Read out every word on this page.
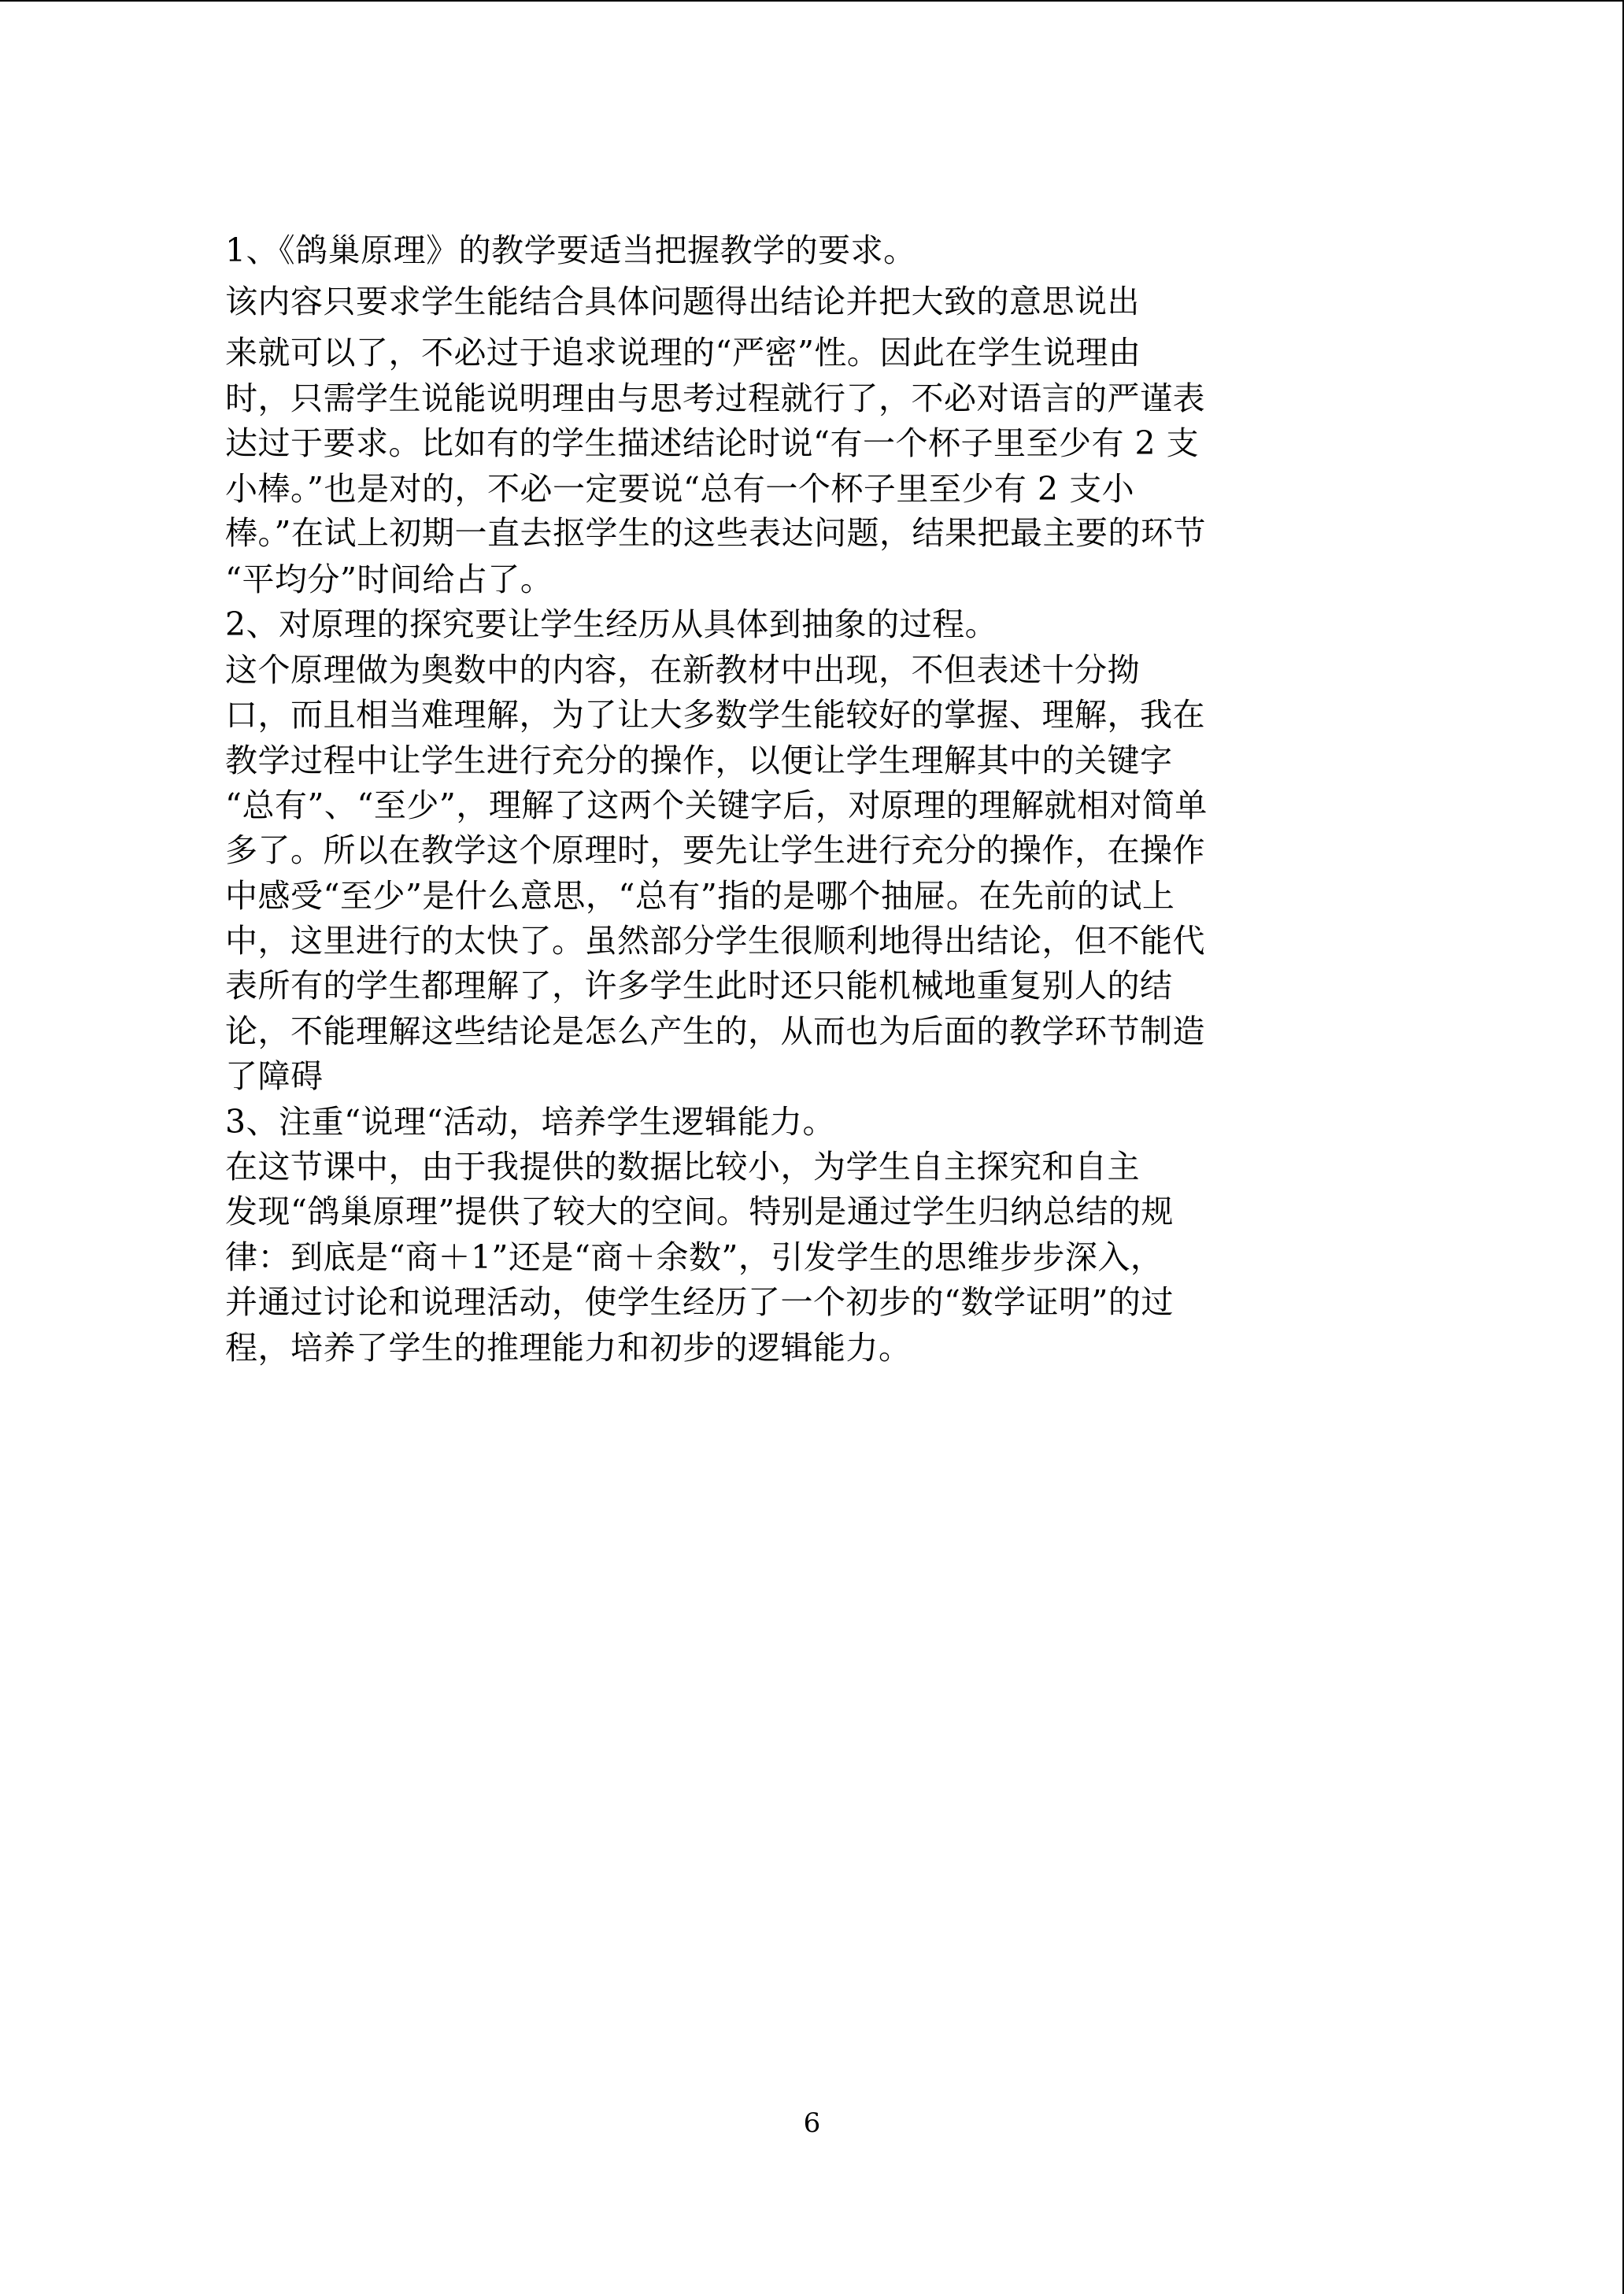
1、《鸽巢原理》的教学要适当把握教学的要求。
该内容只要求学生能结合具体问题得出结论并把大致的意思说出
来就可以了，不必过于追求说理的“严密”性。因此在学生说理由
时，只需学生说能说明理由与思考过程就行了，不必对语言的严谨表
达过于要求。比如有的学生描述结论时说“有一个杯子里至少有 2 支
小棒。”也是对的，不必一定要说“总有一个杯子里至少有 2 支小
棒。”在试上初期一直去抠学生的这些表达问题，结果把最主要的环节
“平均分”时间给占了。
2、对原理的探究要让学生经历从具体到抽象的过程。
这个原理做为奥数中的内容，在新教材中出现，不但表述十分拗
口，而且相当难理解，为了让大多数学生能较好的掌握、理解，我在
教学过程中让学生进行充分的操作，以便让学生理解其中的关键字
“总有”、“至少”，理解了这两个关键字后，对原理的理解就相对简单
多了。所以在教学这个原理时，要先让学生进行充分的操作，在操作
中感受“至少”是什么意思，“总有”指的是哪个抽屉。在先前的试上
中，这里进行的太快了。虽然部分学生很顺利地得出结论，但不能代
表所有的学生都理解了，许多学生此时还只能机械地重复别人的结
论，不能理解这些结论是怎么产生的，从而也为后面的教学环节制造
了障碍
3、注重“说理“活动，培养学生逻辑能力。
在这节课中，由于我提供的数据比较小，为学生自主探究和自主
发现“鸽巢原理”提供了较大的空间。特别是通过学生归纳总结的规
律：到底是“商＋1”还是“商＋余数”，引发学生的思维步步深入，
并通过讨论和说理活动，使学生经历了一个初步的“数学证明”的过
程，培养了学生的推理能力和初步的逻辑能力。
6
